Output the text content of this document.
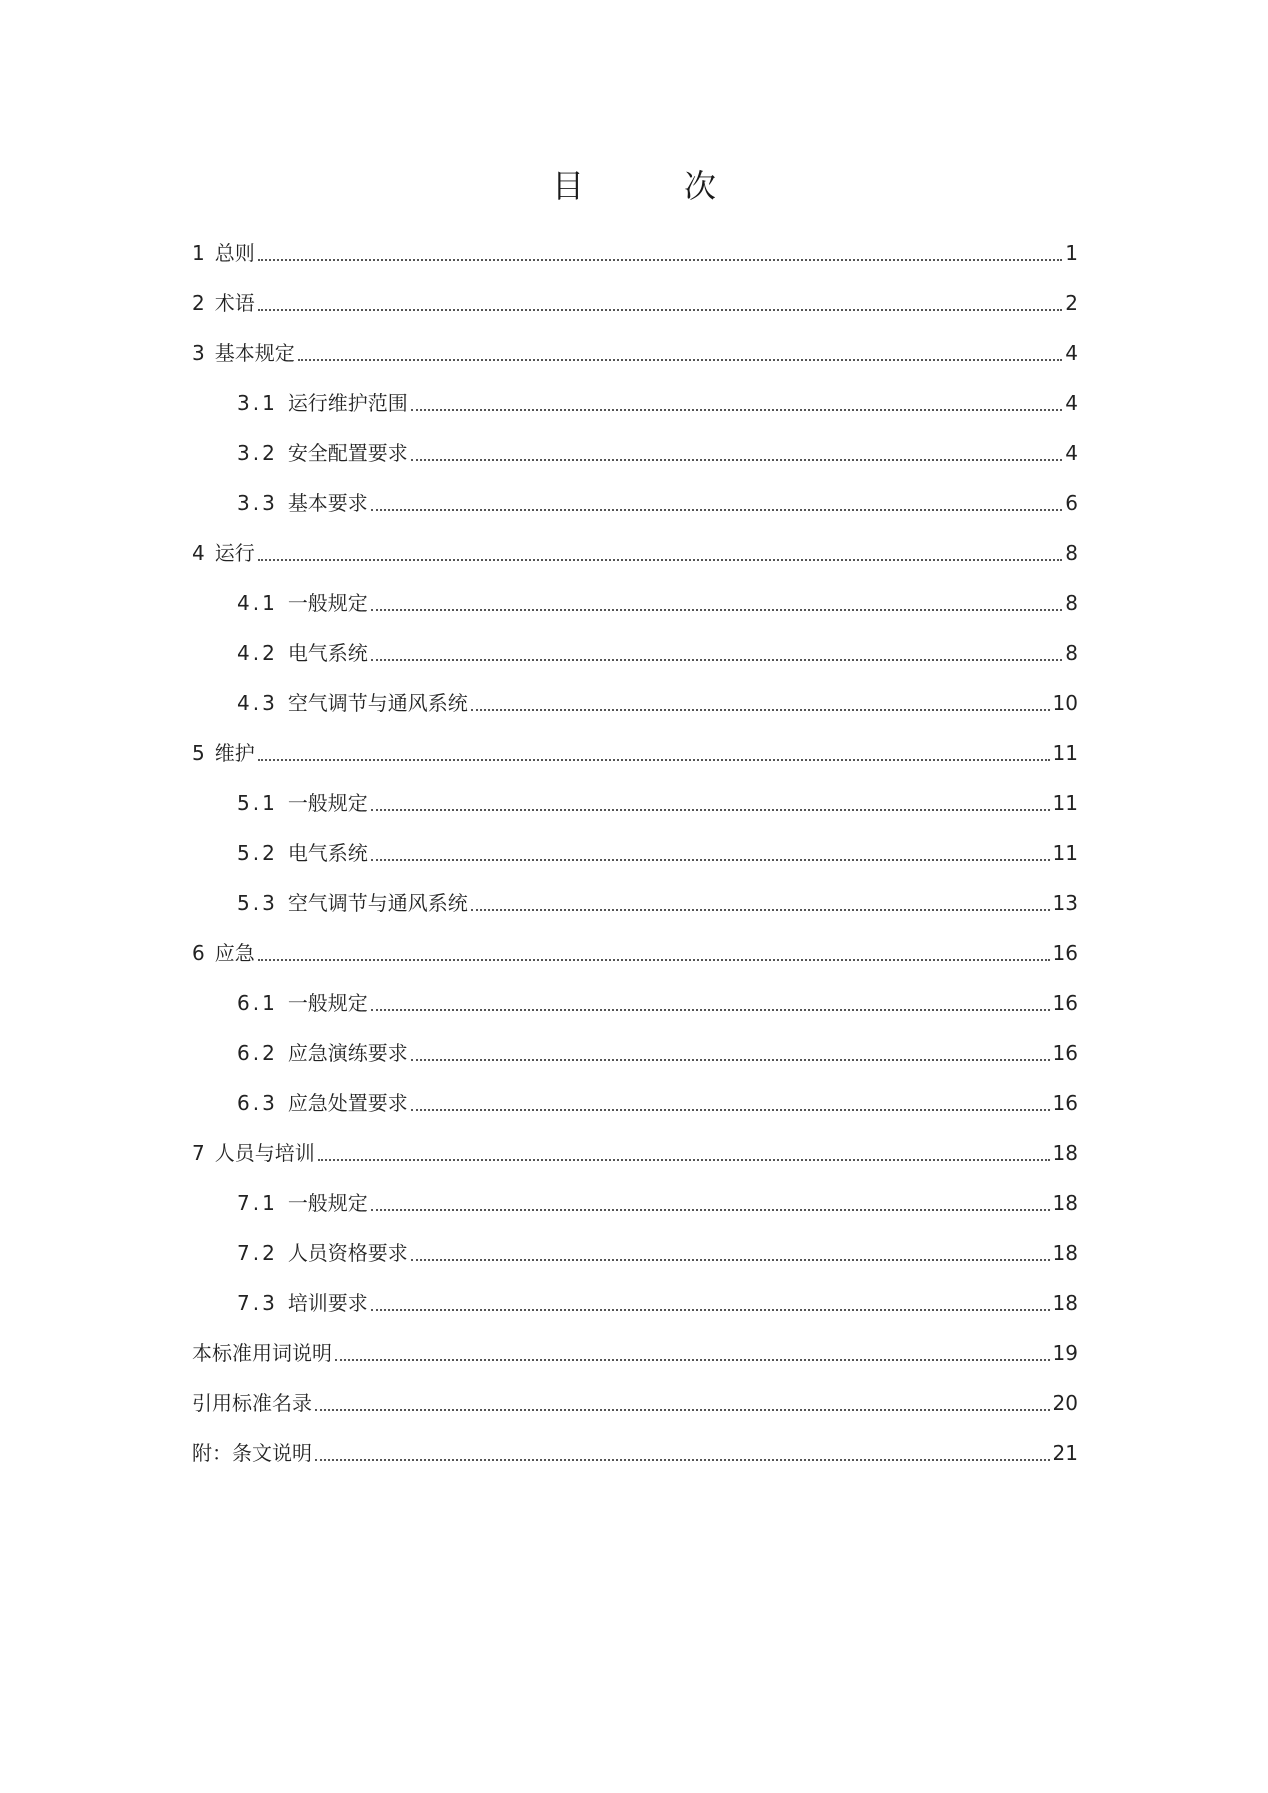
目　次
1 总则	1
2 术语	2
3 基本规定	4
3.1 运行维护范围	4
3.2 安全配置要求	4
3.3 基本要求	6
4 运行	8
4.1 一般规定	8
4.2 电气系统	8
4.3 空气调节与通风系统	10
5 维护	11
5.1 一般规定	11
5.2 电气系统	11
5.3 空气调节与通风系统	13
6 应急	16
6.1 一般规定	16
6.2 应急演练要求	16
6.3 应急处置要求	16
7 人员与培训	18
7.1 一般规定	18
7.2 人员资格要求	18
7.3 培训要求	18
本标准用词说明	19
引用标准名录	20
附：条文说明	21
